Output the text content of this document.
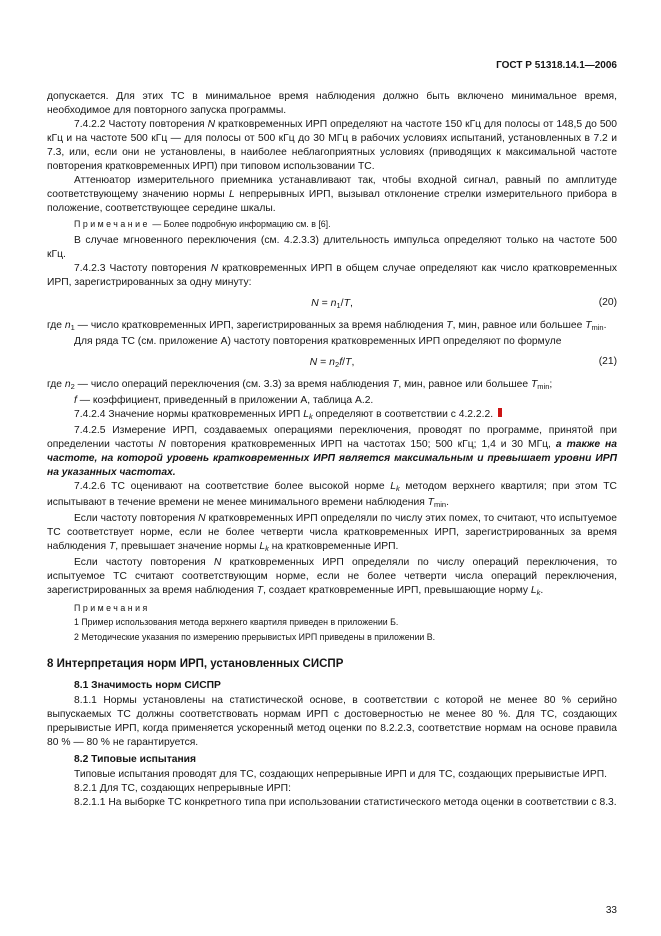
ГОСТ Р 51318.14.1—2006
допускается. Для этих ТС в минимальное время наблюдения должно быть включено минимальное время, необходимое для повторного запуска программы.
7.4.2.2 Частоту повторения N кратковременных ИРП определяют на частоте 150 кГц для полосы от 148,5 до 500 кГц и на частоте 500 кГц — для полосы от 500 кГц до 30 МГц в рабочих условиях испытаний, установленных в 7.2 и 7.3, или, если они не установлены, в наиболее неблагоприятных условиях (приводящих к максимальной частоте повторения кратковременных ИРП) при типовом использовании ТС.
Аттенюатор измерительного приемника устанавливают так, чтобы входной сигнал, равный по амплитуде соответствующему значению нормы L непрерывных ИРП, вызывал отклонение стрелки измерительного прибора в положение, соответствующее середине шкалы.
Примечание — Более подробную информацию см. в [6].
В случае мгновенного переключения (см. 4.2.3.3) длительность импульса определяют только на частоте 500 кГц.
7.4.2.3 Частоту повторения N кратковременных ИРП в общем случае определяют как число кратковременных ИРП, зарегистрированных за одну минуту:
$N = n_1/T$,	(20)
где $n_1$ — число кратковременных ИРП, зарегистрированных за время наблюдения T, мин, равное или большее $T_{min}$.
Для ряда ТС (см. приложение А) частоту повторения кратковременных ИРП определяют по формуле
$N = n_2f/T$,	(21)
где $n_2$ — число операций переключения (см. 3.3) за время наблюдения T, мин, равное или большее $T_{min}$;
f — коэффициент, приведенный в приложении А, таблица А.2.
7.4.2.4 Значение нормы кратковременных ИРП Lk определяют в соответствии с 4.2.2.2.
7.4.2.5 Измерение ИРП, создаваемых операциями переключения, проводят по программе, принятой при определении частоты N повторения кратковременных ИРП на частотах 150; 500 кГц; 1,4 и 30 МГц, а также на частоте, на которой уровень кратковременных ИРП является максимальным и превышает уровни ИРП на указанных частотах.
7.4.2.6 ТС оценивают на соответствие более высокой норме Lk методом верхнего квартиля; при этом ТС испытывают в течение времени не менее минимального времени наблюдения $T_{min}$.
Если частоту повторения N кратковременных ИРП определяли по числу этих помех, то считают, что испытуемое ТС соответствует норме, если не более четверти числа кратковременных ИРП, зарегистрированных за время наблюдения T, превышает значение нормы Lk на кратковременные ИРП.
Если частоту повторения N кратковременных ИРП определяли по числу операций переключения, то испытуемое ТС считают соответствующим норме, если не более четверти числа операций переключения, зарегистрированных за время наблюдения T, создает кратковременные ИРП, превышающие норму Lk.
Примечания
1 Пример использования метода верхнего квартиля приведен в приложении Б.
2 Методические указания по измерению прерывистых ИРП приведены в приложении В.
8 Интерпретация норм ИРП, установленных СИСПР
8.1 Значимость норм СИСПР
8.1.1 Нормы установлены на статистической основе, в соответствии с которой не менее 80 % серийно выпускаемых ТС должны соответствовать нормам ИРП с достоверностью не менее 80 %. Для ТС, создающих прерывистые ИРП, когда применяется ускоренный метод оценки по 8.2.2.3, соответствие нормам на основе правила 80 % — 80 % не гарантируется.
8.2 Типовые испытания
Типовые испытания проводят для ТС, создающих непрерывные ИРП и для ТС, создающих прерывистые ИРП.
8.2.1 Для ТС, создающих непрерывные ИРП:
8.2.1.1 На выборке ТС конкретного типа при использовании статистического метода оценки в соответствии с 8.3.
33
